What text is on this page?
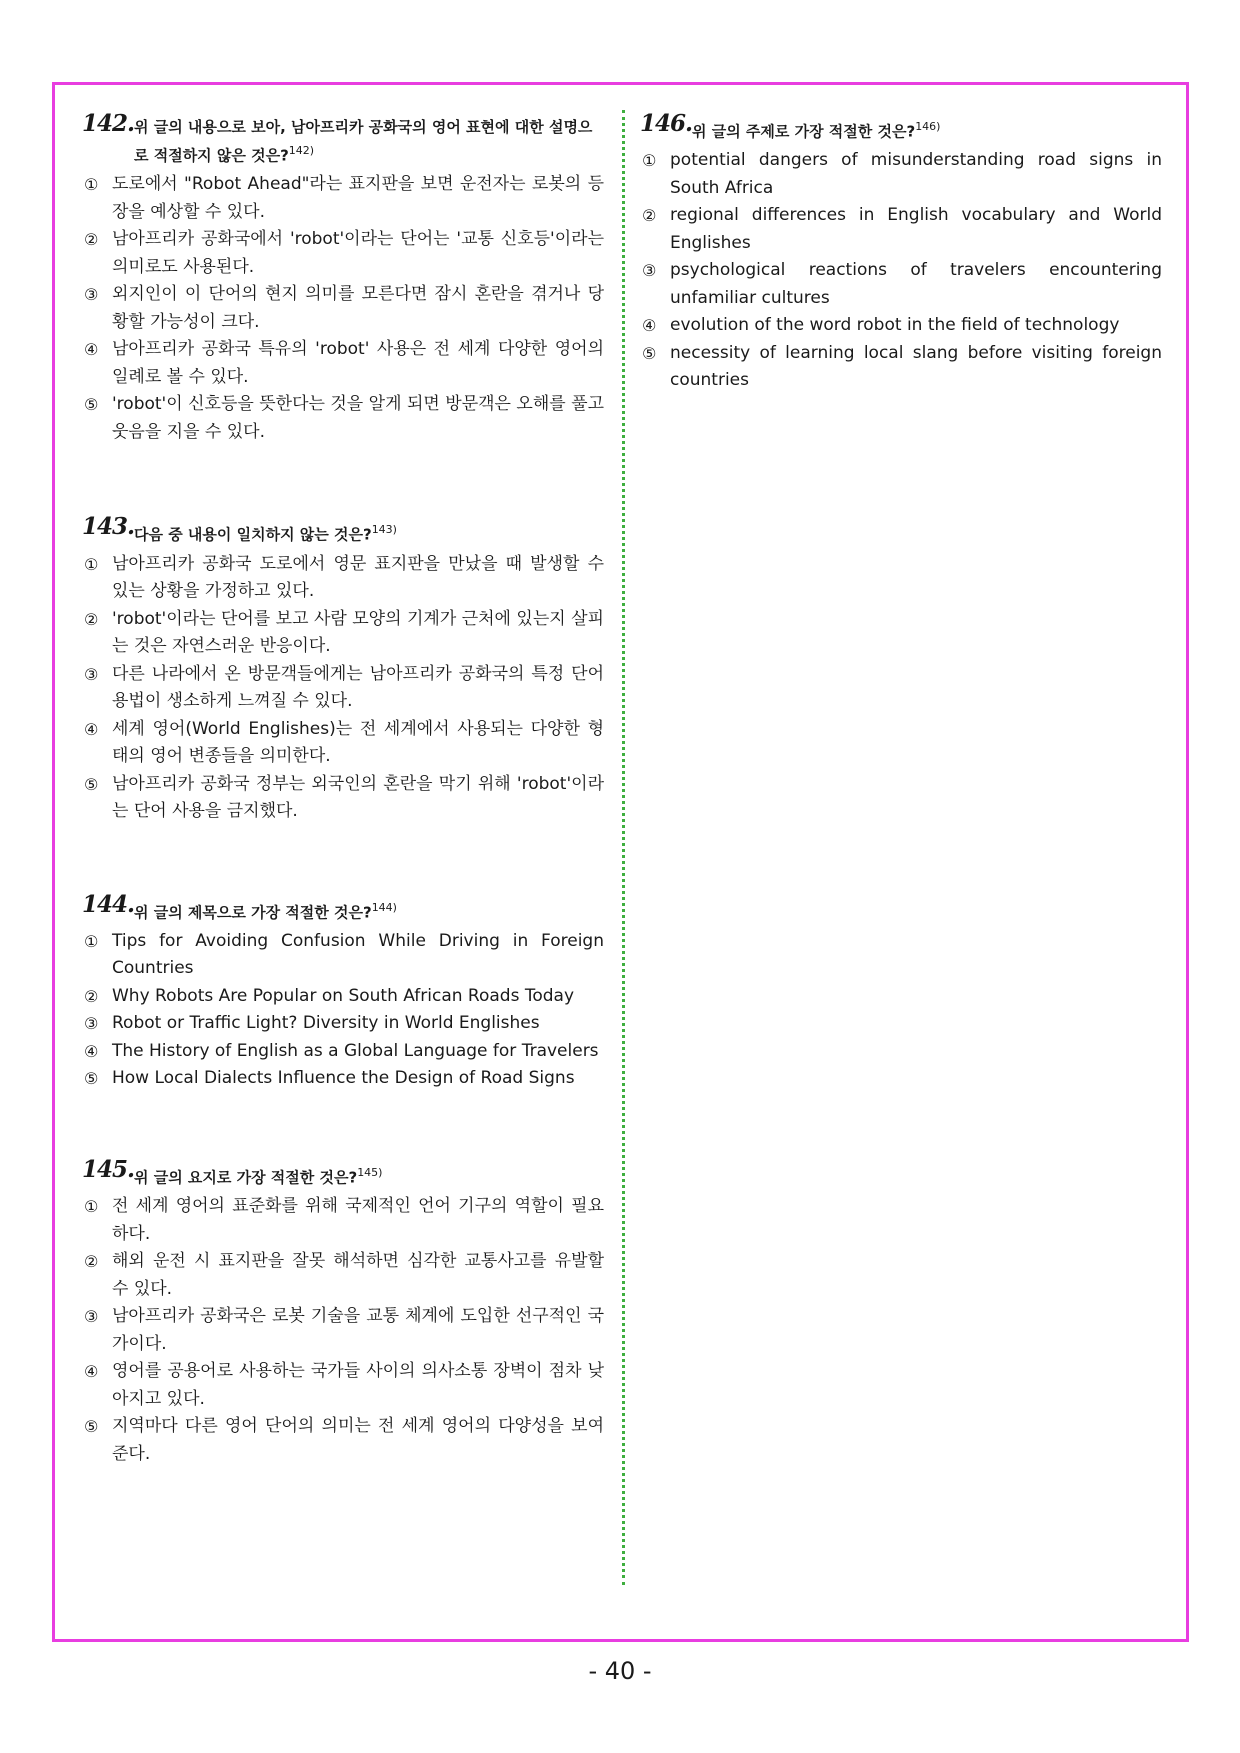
142. 위 글의 내용으로 보아, 남아프리카 공화국의 영어 표현에 대한 설명으로 적절하지 않은 것은?$^{142)}$
① 도로에서 "Robot Ahead"라는 표지판을 보면 운전자는 로봇의 등장을 예상할 수 있다.
② 남아프리카 공화국에서 'robot'이라는 단어는 '교통 신호등'이라는 의미로도 사용된다.
③ 외지인이 이 단어의 현지 의미를 모른다면 잠시 혼란을 겪거나 당황할 가능성이 크다.
④ 남아프리카 공화국 특유의 'robot' 사용은 전 세계 다양한 영어의 일례로 볼 수 있다.
⑤ 'robot'이 신호등을 뜻한다는 것을 알게 되면 방문객은 오해를 풀고 웃음을 지을 수 있다.
143. 다음 중 내용이 일치하지 않는 것은?$^{143)}$
① 남아프리카 공화국 도로에서 영문 표지판을 만났을 때 발생할 수 있는 상황을 가정하고 있다.
② 'robot'이라는 단어를 보고 사람 모양의 기계가 근처에 있는지 살피는 것은 자연스러운 반응이다.
③ 다른 나라에서 온 방문객들에게는 남아프리카 공화국의 특정 단어 용법이 생소하게 느껴질 수 있다.
④ 세계 영어(World Englishes)는 전 세계에서 사용되는 다양한 형태의 영어 변종들을 의미한다.
⑤ 남아프리카 공화국 정부는 외국인의 혼란을 막기 위해 'robot'이라는 단어 사용을 금지했다.
144. 위 글의 제목으로 가장 적절한 것은?$^{144)}$
① Tips for Avoiding Confusion While Driving in Foreign Countries
② Why Robots Are Popular on South African Roads Today
③ Robot or Traffic Light? Diversity in World Englishes
④ The History of English as a Global Language for Travelers
⑤ How Local Dialects Influence the Design of Road Signs
145. 위 글의 요지로 가장 적절한 것은?$^{145)}$
① 전 세계 영어의 표준화를 위해 국제적인 언어 기구의 역할이 필요하다.
② 해외 운전 시 표지판을 잘못 해석하면 심각한 교통사고를 유발할 수 있다.
③ 남아프리카 공화국은 로봇 기술을 교통 체계에 도입한 선구적인 국가이다.
④ 영어를 공용어로 사용하는 국가들 사이의 의사소통 장벽이 점차 낮아지고 있다.
⑤ 지역마다 다른 영어 단어의 의미는 전 세계 영어의 다양성을 보여준다.
146. 위 글의 주제로 가장 적절한 것은?$^{146)}$
① potential dangers of misunderstanding road signs in South Africa
② regional differences in English vocabulary and World Englishes
③ psychological reactions of travelers encountering unfamiliar cultures
④ evolution of the word robot in the field of technology
⑤ necessity of learning local slang before visiting foreign countries
- 40 -
